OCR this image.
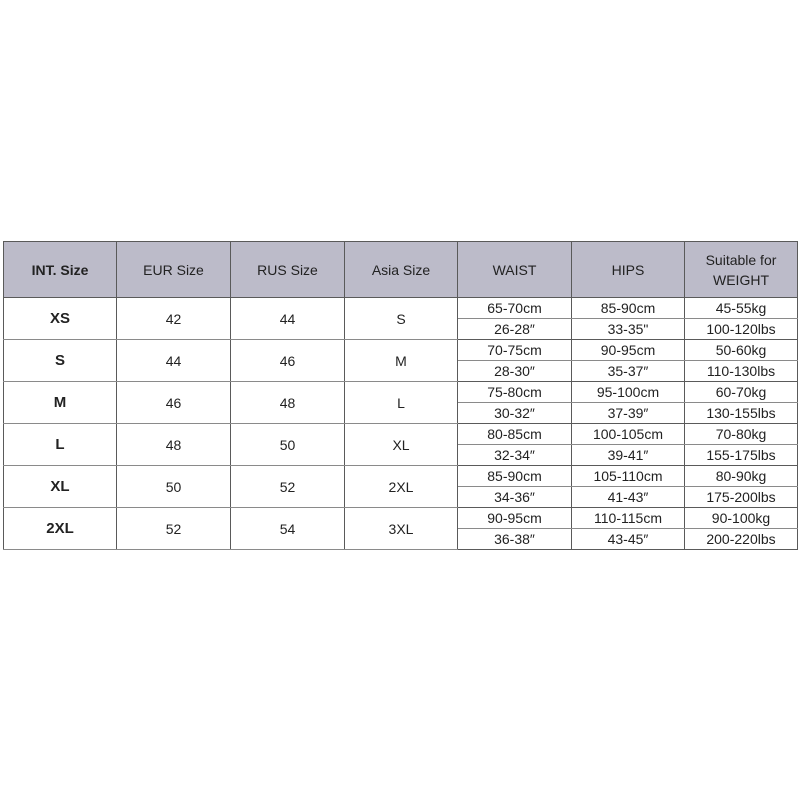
INT. Size	EUR Size	RUS Size	Asia Size	WAIST	HIPS	Suitable for
WEIGHT
XS	42	44	S	65-70cm	85-90cm	45-55kg
				26-28″	33-35"	100-120lbs
S	44	46	M	70-75cm	90-95cm	50-60kg
				28-30″	35-37″	110-130lbs
M	46	48	L	75-80cm	95-100cm	60-70kg
				30-32″	37-39″	130-155lbs
L	48	50	XL	80-85cm	100-105cm	70-80kg
				32-34″	39-41″	155-175lbs
XL	50	52	2XL	85-90cm	105-110cm	80-90kg
				34-36″	41-43″	175-200lbs
2XL	52	54	3XL	90-95cm	110-115cm	90-100kg
				36-38″	43-45″	200-220lbs
